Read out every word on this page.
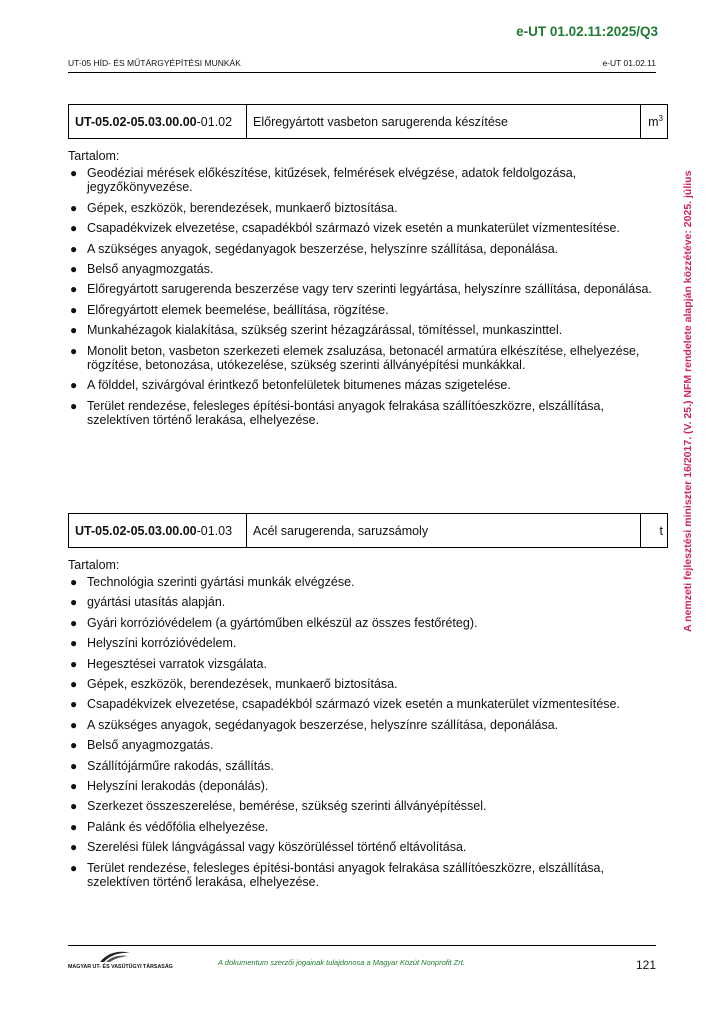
e-UT 01.02.11:2025/Q3
UT-05 HÍD- ÉS MŰTÁRGYÉPÍTÉSI MUNKÁK	e-UT 01.02.11
A nemzeti fejlesztési miniszter 16/2017. (V. 25.) NFM rendelete alapján közzétéve: 2025. július
UT-05.02-05.03.00.00-01.02	Előregyártott vasbeton sarugerenda készítése	$m^3$
Tartalom:
● Geodéziai mérések előkészítése, kitűzések, felmérések elvégzése, adatok feldolgozása, jegyzőkönyvezése.
● Gépek, eszközök, berendezések, munkaerő biztosítása.
● Csapadékvizek elvezetése, csapadékból származó vizek esetén a munkaterület vízmentesítése.
● A szükséges anyagok, segédanyagok beszerzése, helyszínre szállítása, deponálása.
● Belső anyagmozgatás.
● Előregyártott sarugerenda beszerzése vagy terv szerinti legyártása, helyszínre szállítása, deponálása.
● Előregyártott elemek beemelése, beállítása, rögzítése.
● Munkahézagok kialakítása, szükség szerint hézagzárással, tömítéssel, munkaszinttel.
● Monolit beton, vasbeton szerkezeti elemek zsaluzása, betonacél armatúra elkészítése, elhelyezése, rögzítése, betonozása, utókezelése, szükség szerinti állványépítési munkákkal.
● A földdel, szivárgóval érintkező betonfelületek bitumenes mázas szigetelése.
● Terület rendezése, felesleges építési-bontási anyagok felrakása szállítóeszközre, elszállítása, szelektíven történő lerakása, elhelyezése.
UT-05.02-05.03.00.00-01.03	Acél sarugerenda, saruzsámoly	t
Tartalom:
● Technológia szerinti gyártási munkák elvégzése.
● gyártási utasítás alapján.
● Gyári korrózióvédelem (a gyártóműben elkészül az összes festőréteg).
● Helyszíni korrózióvédelem.
● Hegesztései varratok vizsgálata.
● Gépek, eszközök, berendezések, munkaerő biztosítása.
● Csapadékvizek elvezetése, csapadékból származó vizek esetén a munkaterület vízmentesítése.
● A szükséges anyagok, segédanyagok beszerzése, helyszínre szállítása, deponálása.
● Belső anyagmozgatás.
● Szállítójárműre rakodás, szállítás.
● Helyszíni lerakodás (deponálás).
● Szerkezet összeszerelése, bemérése, szükség szerinti állványépítéssel.
● Palánk és védőfólia elhelyezése.
● Szerelési fülek lángvágással vagy köszörüléssel történő eltávolítása.
● Terület rendezése, felesleges építési-bontási anyagok felrakása szállítóeszközre, elszállítása, szelektíven történő lerakása, elhelyezése.
MAGYAR UT- ÉS VASÚTÜGYI TÁRSASÁG	A dokumentum szerzői jogainak tulajdonosa a Magyar Közút Nonprofit Zrt.	121
